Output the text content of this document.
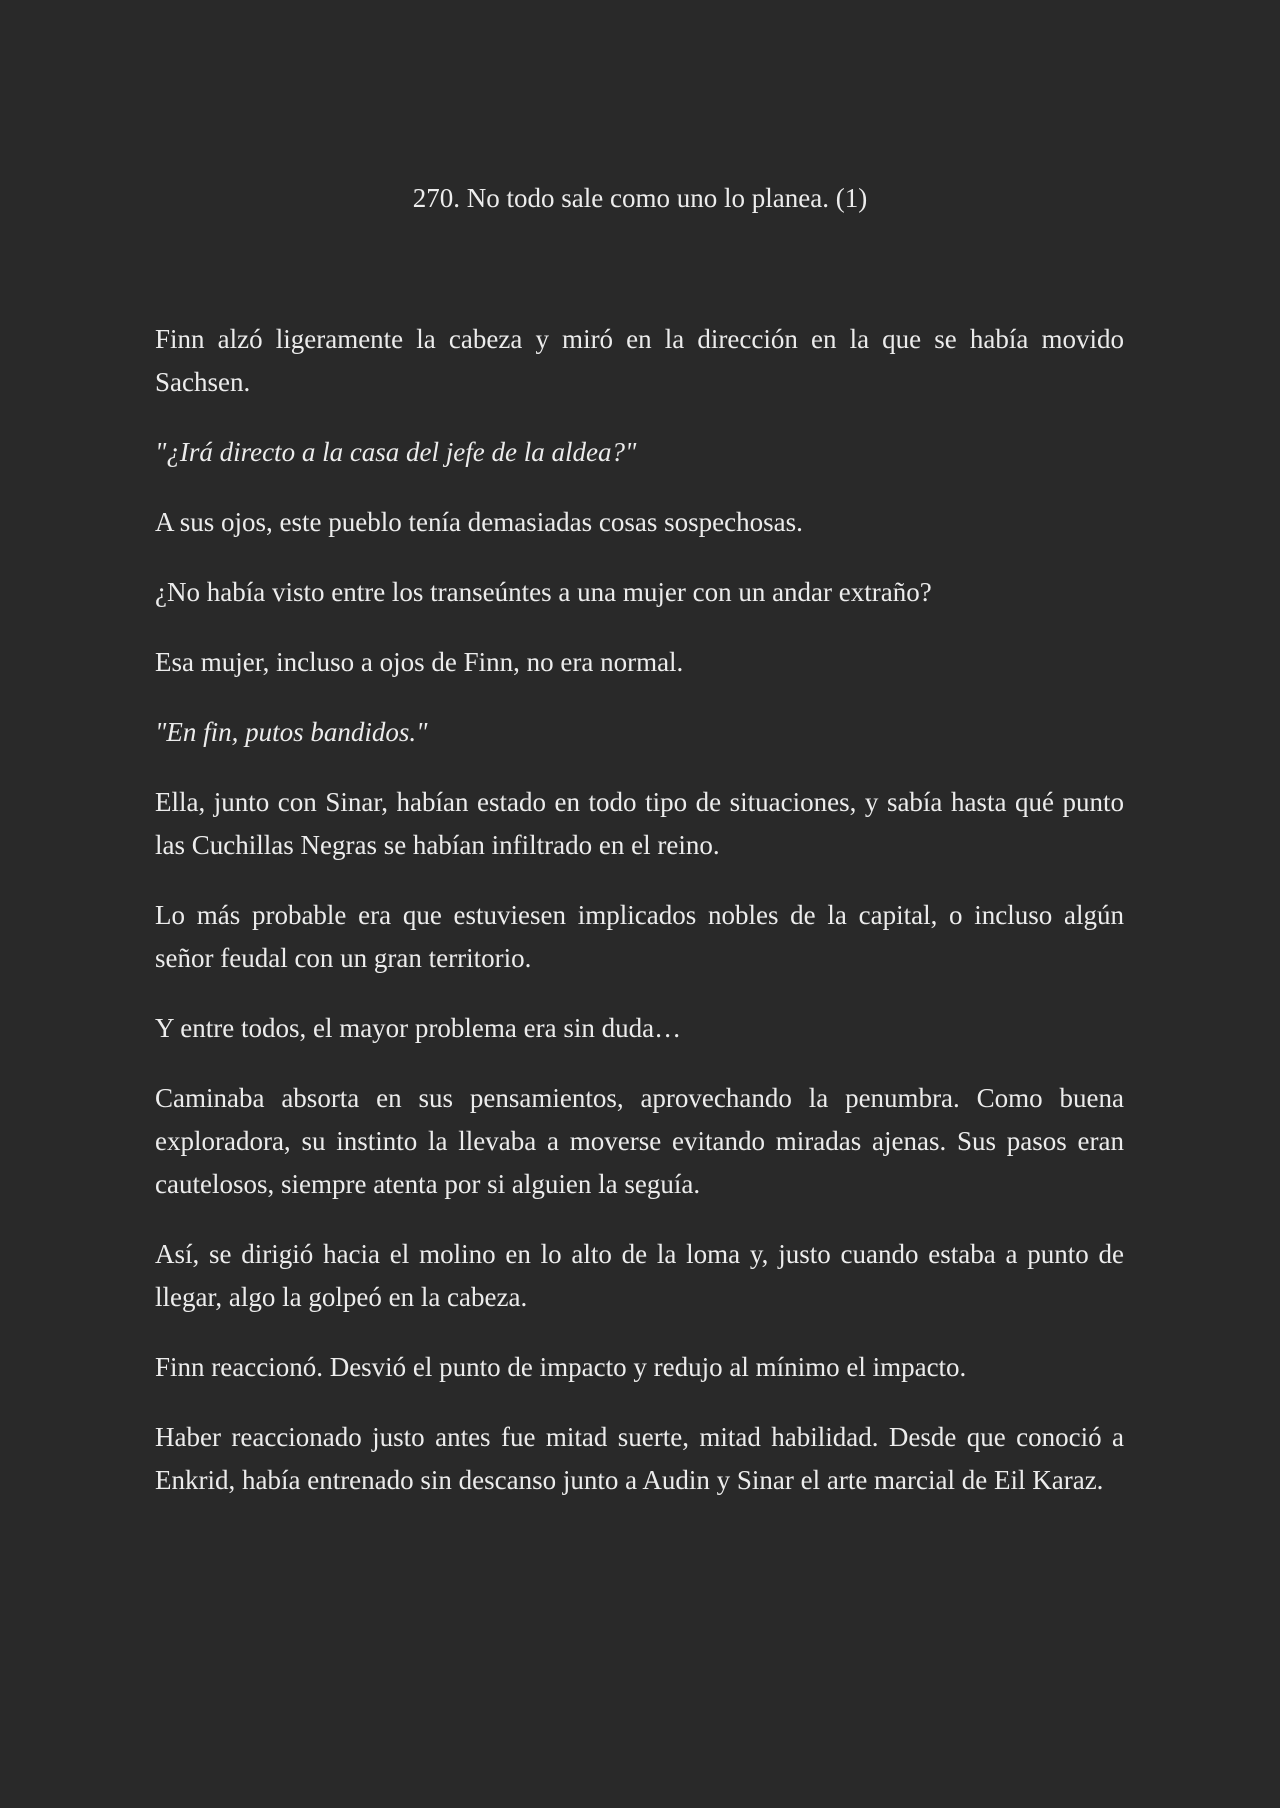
270. No todo sale como uno lo planea. (1)

Finn alzó ligeramente la cabeza y miró en la dirección en la que se había movido Sachsen.

"¿Irá directo a la casa del jefe de la aldea?"

A sus ojos, este pueblo tenía demasiadas cosas sospechosas.

¿No había visto entre los transeúntes a una mujer con un andar extraño?

Esa mujer, incluso a ojos de Finn, no era normal.

"En fin, putos bandidos."

Ella, junto con Sinar, habían estado en todo tipo de situaciones, y sabía hasta qué punto las Cuchillas Negras se habían infiltrado en el reino.

Lo más probable era que estuviesen implicados nobles de la capital, o incluso algún señor feudal con un gran territorio.

Y entre todos, el mayor problema era sin duda…

Caminaba absorta en sus pensamientos, aprovechando la penumbra. Como buena exploradora, su instinto la llevaba a moverse evitando miradas ajenas. Sus pasos eran cautelosos, siempre atenta por si alguien la seguía.

Así, se dirigió hacia el molino en lo alto de la loma y, justo cuando estaba a punto de llegar, algo la golpeó en la cabeza.

Finn reaccionó. Desvió el punto de impacto y redujo al mínimo el impacto.

Haber reaccionado justo antes fue mitad suerte, mitad habilidad. Desde que conoció a Enkrid, había entrenado sin descanso junto a Audin y Sinar el arte marcial de Eil Karaz.
